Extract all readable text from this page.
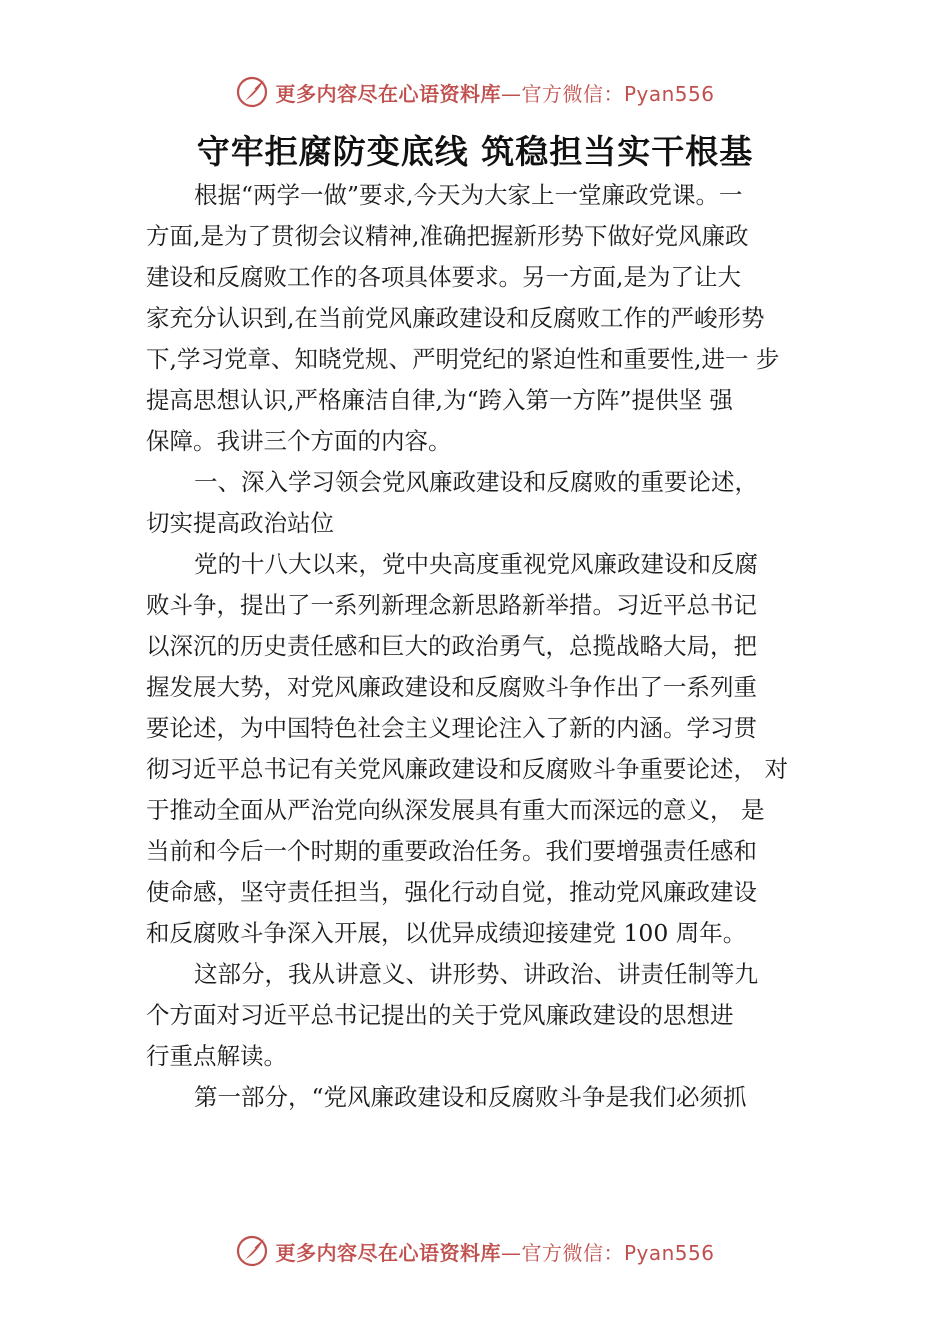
更多内容尽在心语资料库 —官方微信：Pyan556
守牢拒腐防变底线 筑稳担当实干根基
根据“两学一做”要求,今天为大家上一堂廉政党课。一
方面,是为了贯彻会议精神,准确把握新形势下做好党风廉政
建设和反腐败工作的各项具体要求。另一方面,是为了让大
家充分认识到,在当前党风廉政建设和反腐败工作的严峻形势
下,学习党章、知晓党规、严明党纪的紧迫性和重要性,进一 步
提高思想认识,严格廉洁自律,为“跨入第一方阵”提供坚 强
保障。我讲三个方面的内容。
一、深入学习领会党风廉政建设和反腐败的重要论述，
切实提高政治站位
党的十八大以来，党中央高度重视党风廉政建设和反腐
败斗争，提出了一系列新理念新思路新举措。习近平总书记
以深沉的历史责任感和巨大的政治勇气，总揽战略大局，把
握发展大势，对党风廉政建设和反腐败斗争作出了一系列重
要论述，为中国特色社会主义理论注入了新的内涵。学习贯
彻习近平总书记有关党风廉政建设和反腐败斗争重要论述， 对
于推动全面从严治党向纵深发展具有重大而深远的意义， 是
当前和今后一个时期的重要政治任务。我们要增强责任感和
使命感，坚守责任担当，强化行动自觉，推动党风廉政建设
和反腐败斗争深入开展，以优异成绩迎接建党 100 周年。
这部分，我从讲意义、讲形势、讲政治、讲责任制等九
个方面对习近平总书记提出的关于党风廉政建设的思想进
行重点解读。
第一部分，“党风廉政建设和反腐败斗争是我们必须抓
更多内容尽在心语资料库 —官方微信：Pyan556
